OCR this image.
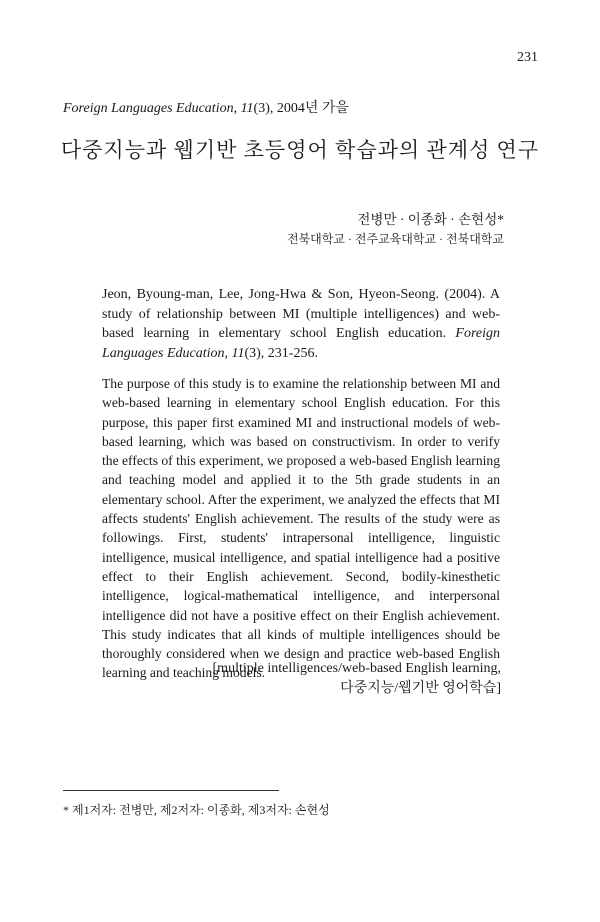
231
Foreign Languages Education, 11(3), 2004년 가을
다중지능과 웹기반 초등영어 학습과의 관계성 연구
전병만 · 이종화 · 손현성*
전북대학교 · 전주교육대학교 · 전북대학교
Jeon, Byoung-man, Lee, Jong-Hwa & Son, Hyeon-Seong. (2004). A study of relationship between MI (multiple intelligences) and web-based learning in elementary school English education. Foreign Languages Education, 11(3), 231-256.
The purpose of this study is to examine the relationship between MI and web-based learning in elementary school English education. For this purpose, this paper first examined MI and instructional models of web-based learning, which was based on constructivism. In order to verify the effects of this experiment, we proposed a web-based English learning and teaching model and applied it to the 5th grade students in an elementary school. After the experiment, we analyzed the effects that MI affects students' English achievement. The results of the study were as followings. First, students' intrapersonal intelligence, linguistic intelligence, musical intelligence, and spatial intelligence had a positive effect to their English achievement. Second, bodily-kinesthetic intelligence, logical-mathematical intelligence, and interpersonal intelligence did not have a positive effect on their English achievement. This study indicates that all kinds of multiple intelligences should be thoroughly considered when we design and practice web-based English learning and teaching models.
[multiple intelligences/web-based English learning,
다중지능/웹기반 영어학습]
* 제1저자: 전병만, 제2저자: 이종화, 제3저자: 손현성
